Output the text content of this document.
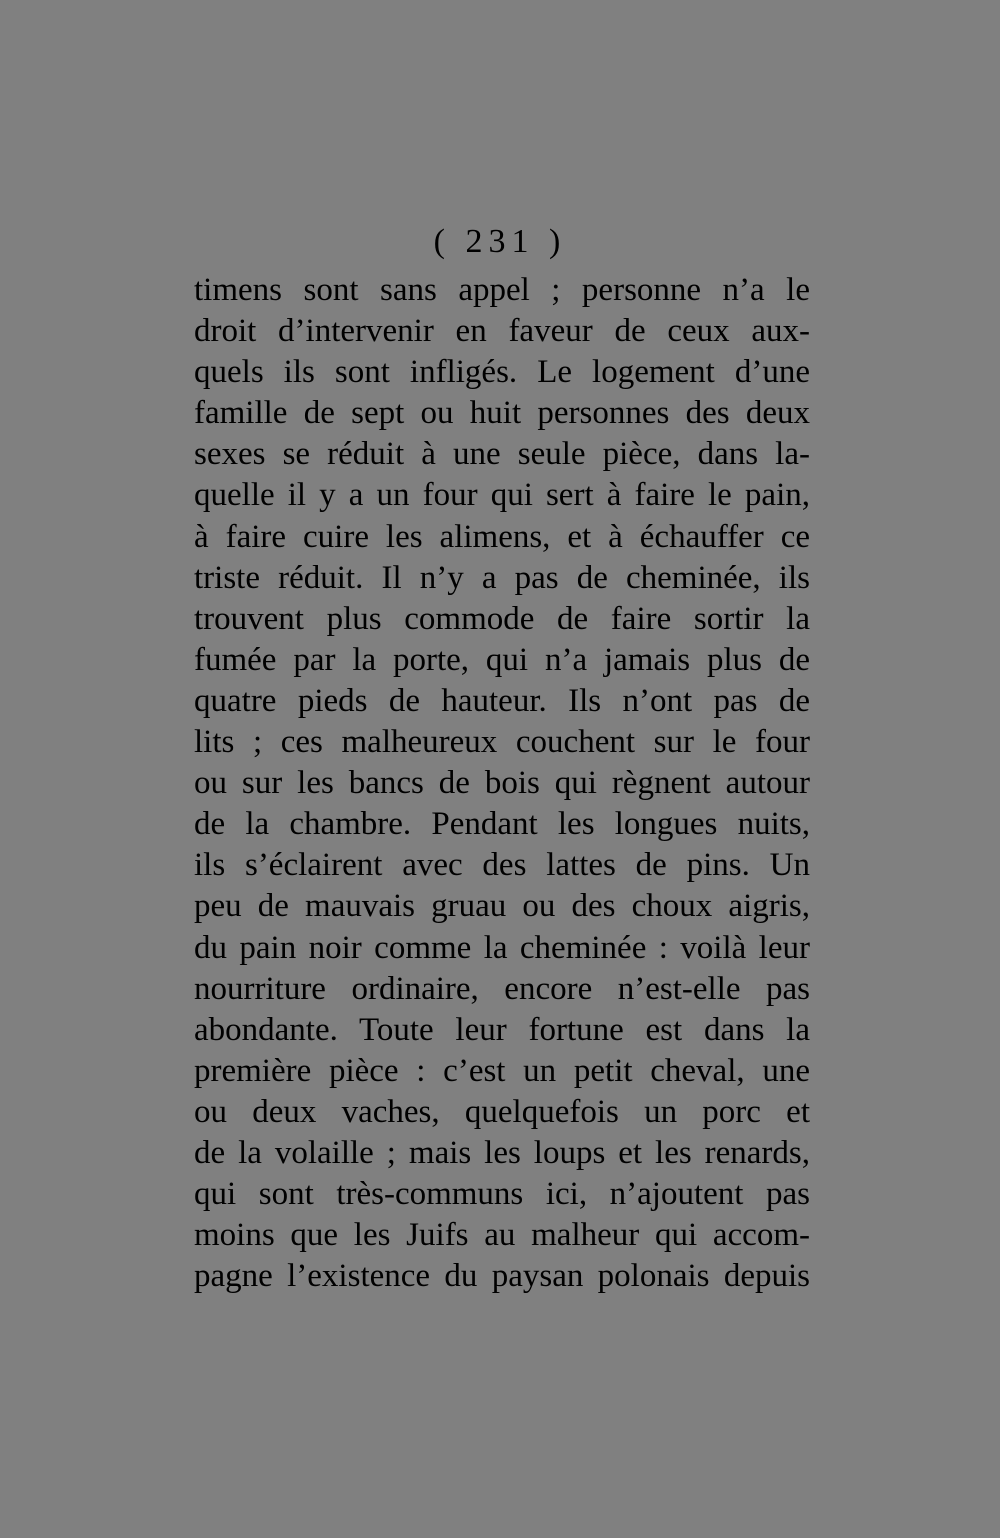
( 231 )
timens sont sans appel ; personne n’a le
droit d’intervenir en faveur de ceux aux-
quels ils sont infligés. Le logement d’une
famille de sept ou huit personnes des deux
sexes se réduit à une seule pièce, dans la-
quelle il y a un four qui sert à faire le pain,
à faire cuire les alimens, et à échauffer ce
triste réduit. Il n’y a pas de cheminée, ils
trouvent plus commode de faire sortir la
fumée par la porte, qui n’a jamais plus de
quatre pieds de hauteur. Ils n’ont pas de
lits ; ces malheureux couchent sur le four
ou sur les bancs de bois qui règnent autour
de la chambre. Pendant les longues nuits,
ils s’éclairent avec des lattes de pins. Un
peu de mauvais gruau ou des choux aigris,
du pain noir comme la cheminée : voilà leur
nourriture ordinaire, encore n’est-elle pas
abondante. Toute leur fortune est dans la
première pièce : c’est un petit cheval, une
ou deux vaches, quelquefois un porc et
de la volaille ; mais les loups et les renards,
qui sont très-communs ici, n’ajoutent pas
moins que les Juifs au malheur qui accom-
pagne l’existence du paysan polonais depuis
